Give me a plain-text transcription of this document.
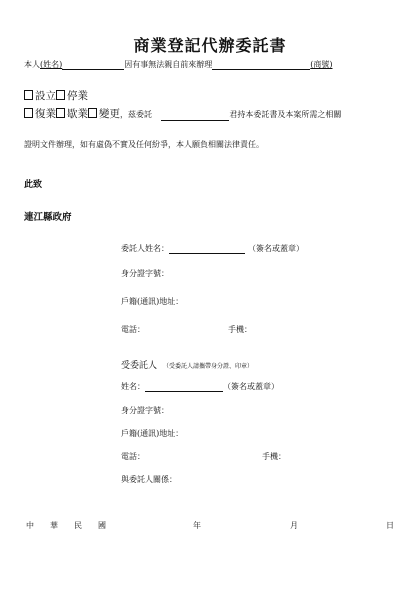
商業登記代辦委託書
本人(姓名)	因有事無法親自前來辦理	(商號)
設立 停業
復業 歇業 變更，茲委託	君持本委託書及本案所需之相關
證明文件辦理，如有虛偽不實及任何紛爭，本人願負相關法律責任。
此致
連江縣政府
委託人姓名：	（簽名或蓋章）
身分證字號：
戶籍(通訊)地址：
電話：	手機：
受委託人 （受委託人請攜帶身分證、印章）
姓名：	（簽名或蓋章）
身分證字號：
戶籍(通訊)地址：
電話：	手機：
與委託人關係：
中 華 民 國	年	月	日
